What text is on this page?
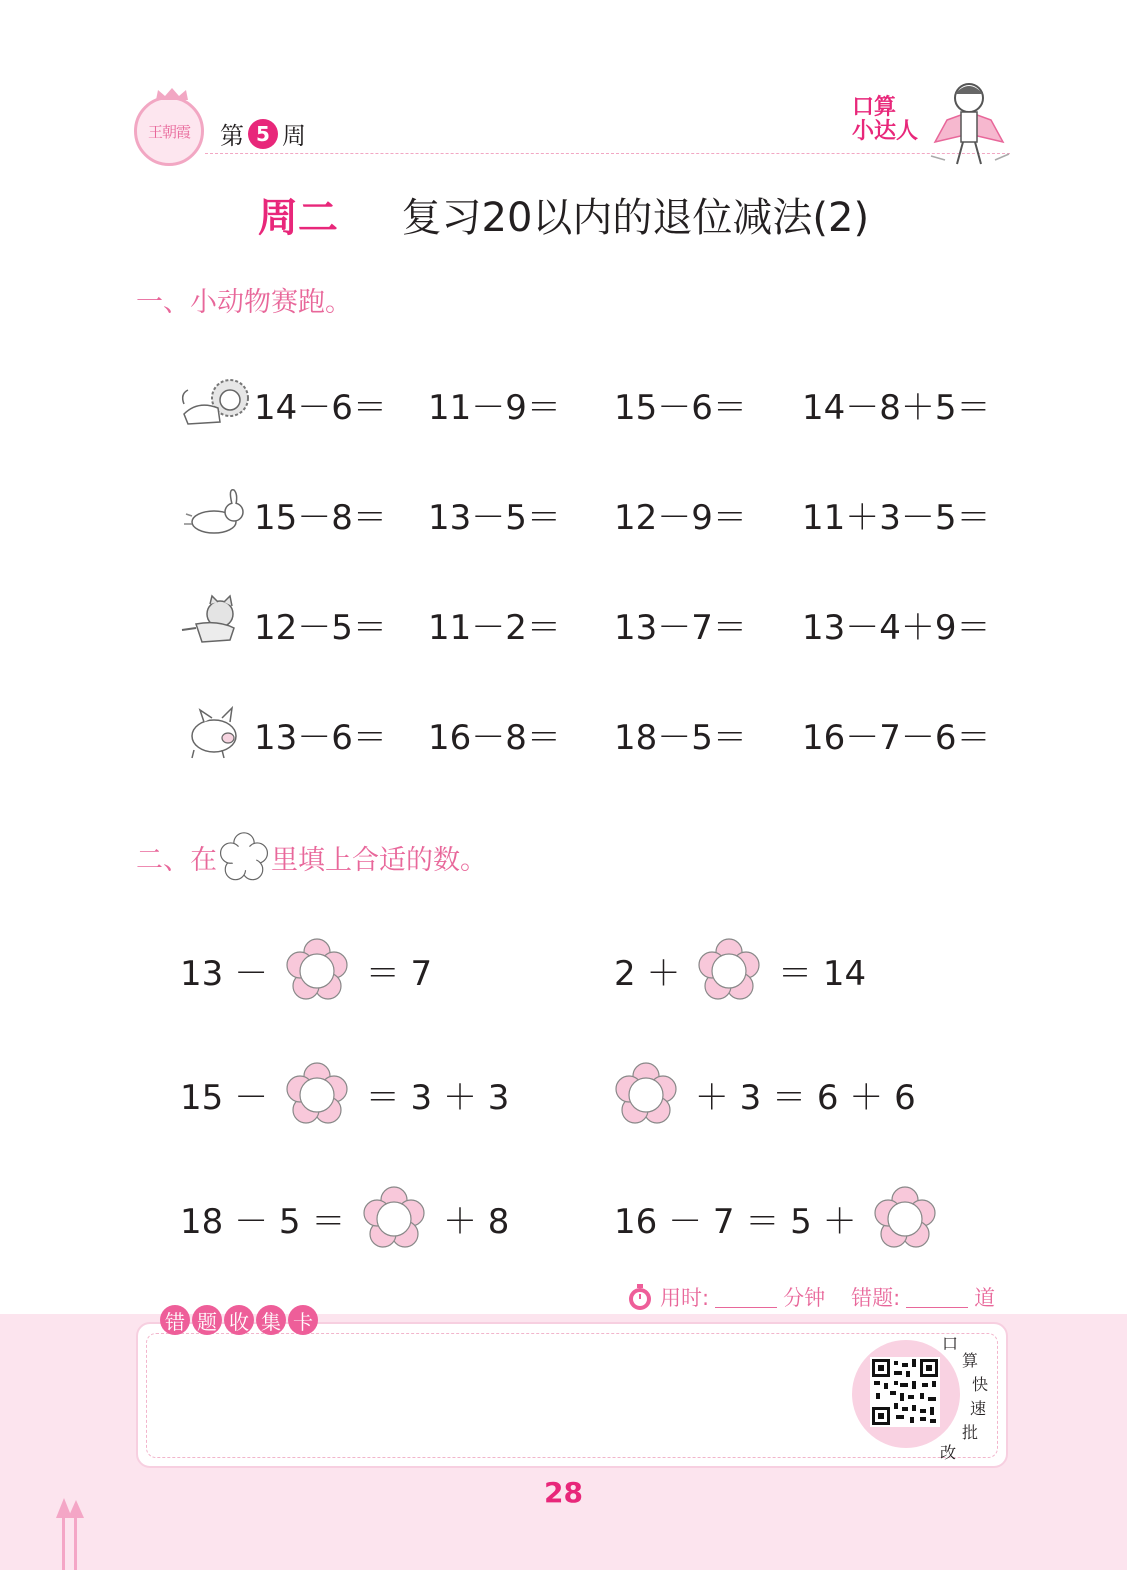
王朝霞 第 5 周
口算
小达人
周二 复习20以内的退位减法(2)
一、小动物赛跑。
14－6＝ 11－9＝ 15－6＝ 14－8＋5＝
15－8＝ 13－5＝ 12－9＝ 11＋3－5＝
12－5＝ 11－2＝ 13－7＝ 13－4＋9＝
13－6＝ 16－8＝ 18－5＝ 16－7－6＝
二、在 里填上合适的数。
13 － ＝ 7	2 ＋ ＝ 14
15 － ＝ 3 ＋ 3	＋ 3 ＝ 6 ＋ 6
18 － 5 ＝ ＋ 8	16 － 7 ＝ 5 ＋
用时:	分钟 错题:	道
错 题 收 集 卡
口
算
快
速
批
改
28
